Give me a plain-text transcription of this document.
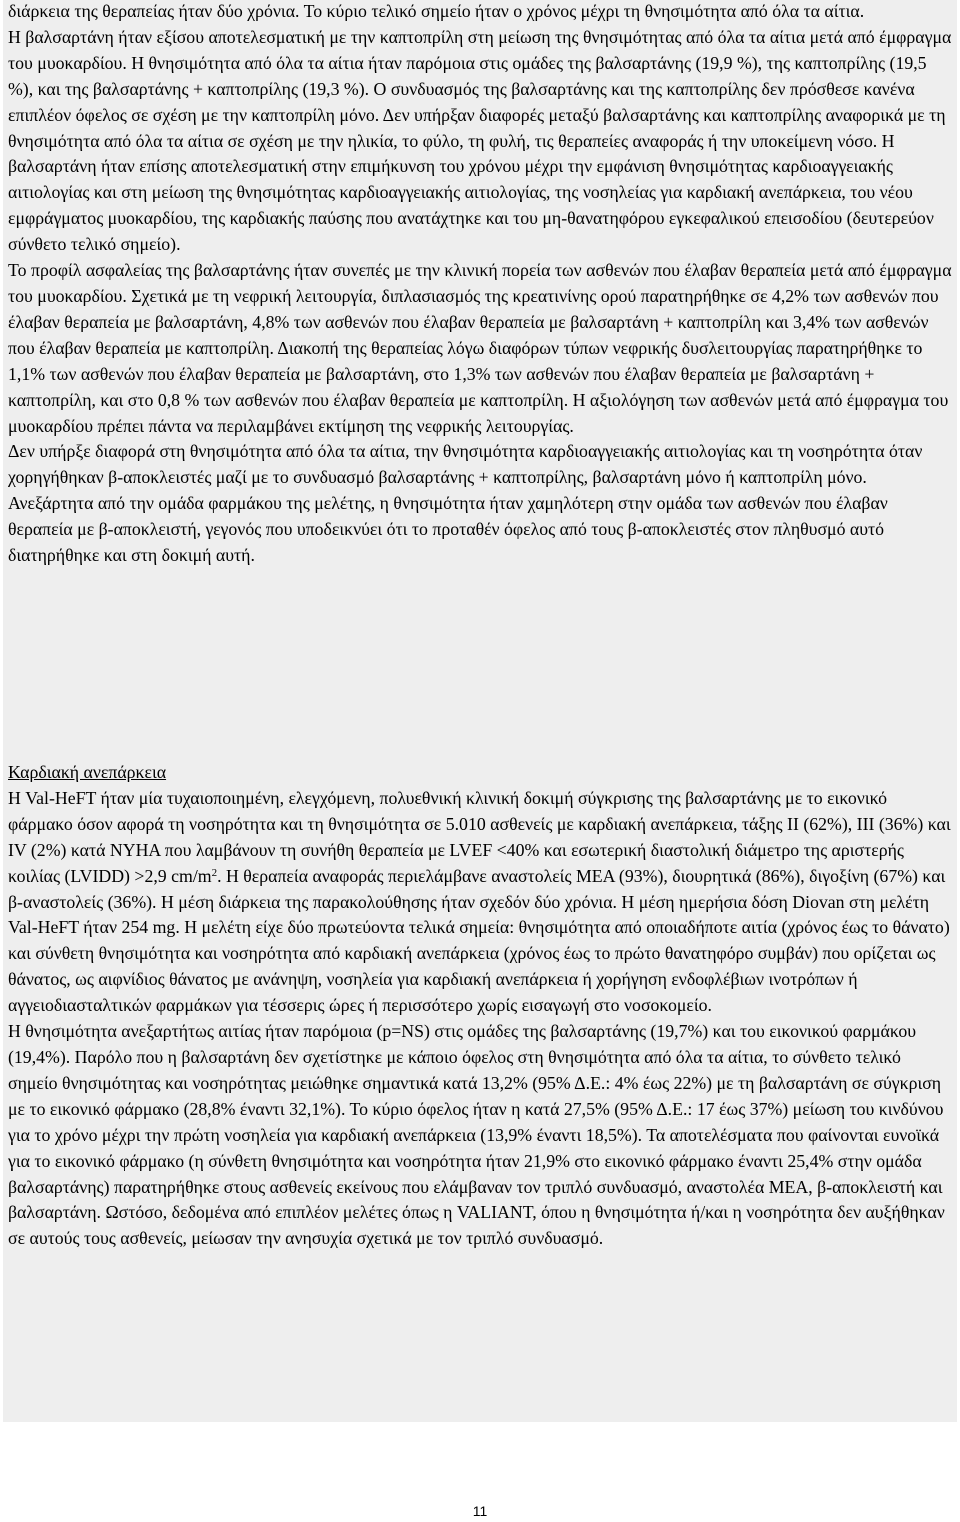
διάρκεια της θεραπείας ήταν δύο χρόνια. Το κύριο τελικό σημείο ήταν ο χρόνος μέχρι τη θνησιμότητα από όλα τα αίτια.

Η βαλσαρτάνη ήταν εξίσου αποτελεσματική με την καπτοπρίλη στη μείωση της θνησιμότητας από όλα τα αίτια μετά από έμφραγμα του μυοκαρδίου. Η θνησιμότητα από όλα τα αίτια ήταν παρόμοια στις ομάδες της βαλσαρτάνης (19,9 %), της καπτοπρίλης (19,5 %), και της βαλσαρτάνης + καπτοπρίλης (19,3 %). Ο συνδυασμός της βαλσαρτάνης και της καπτοπρίλης δεν πρόσθεσε κανένα επιπλέον όφελος σε σχέση με την καπτοπρίλη μόνο. Δεν υπήρξαν διαφορές μεταξύ βαλσαρτάνης και καπτοπρίλης αναφορικά με τη θνησιμότητα από όλα τα αίτια σε σχέση με την ηλικία, το φύλο, τη φυλή, τις θεραπείες αναφοράς ή την υποκείμενη νόσο. Η βαλσαρτάνη ήταν επίσης αποτελεσματική στην επιμήκυνση του χρόνου μέχρι την εμφάνιση θνησιμότητας καρδιοαγγειακής αιτιολογίας και στη μείωση της θνησιμότητας καρδιοαγγειακής αιτιολογίας, της νοσηλείας για καρδιακή ανεπάρκεια, του νέου εμφράγματος μυοκαρδίου, της καρδιακής παύσης που ανατάχτηκε και του μη-θανατηφόρου εγκεφαλικού επεισοδίου (δευτερεύον σύνθετο τελικό σημείο).

Το προφίλ ασφαλείας της βαλσαρτάνης ήταν συνεπές με την κλινική πορεία των ασθενών που έλαβαν θεραπεία μετά από έμφραγμα του μυοκαρδίου. Σχετικά με τη νεφρική λειτουργία, διπλασιασμός της κρεατινίνης ορού παρατηρήθηκε σε 4,2% των ασθενών που έλαβαν θεραπεία με βαλσαρτάνη, 4,8% των ασθενών που έλαβαν θεραπεία με βαλσαρτάνη + καπτοπρίλη και 3,4% των ασθενών που έλαβαν θεραπεία με καπτοπρίλη. Διακοπή της θεραπείας λόγω διαφόρων τύπων νεφρικής δυσλειτουργίας παρατηρήθηκε το 1,1% των ασθενών που έλαβαν θεραπεία με βαλσαρτάνη, στο 1,3% των ασθενών που έλαβαν θεραπεία με βαλσαρτάνη + καπτοπρίλη, και στο 0,8 % των ασθενών που έλαβαν θεραπεία με καπτοπρίλη. Η αξιολόγηση των ασθενών μετά από έμφραγμα του μυοκαρδίου πρέπει πάντα να περιλαμβάνει εκτίμηση της νεφρικής λειτουργίας.

Δεν υπήρξε διαφορά στη θνησιμότητα από όλα τα αίτια, την θνησιμότητα καρδιοαγγειακής αιτιολογίας και τη νοσηρότητα όταν χορηγήθηκαν β-αποκλειστές μαζί με το συνδυασμό βαλσαρτάνης + καπτοπρίλης, βαλσαρτάνη μόνο ή καπτοπρίλη μόνο. Ανεξάρτητα από την ομάδα φαρμάκου της μελέτης, η θνησιμότητα ήταν χαμηλότερη στην ομάδα των ασθενών που έλαβαν θεραπεία με β-αποκλειστή, γεγονός που υποδεικνύει ότι το προταθέν όφελος από τους β-αποκλειστές στον πληθυσμό αυτό διατηρήθηκε και στη δοκιμή αυτή.

Καρδιακή ανεπάρκεια

Η Val-HeFT ήταν μία τυχαιοποιημένη, ελεγχόμενη, πολυεθνική κλινική δοκιμή σύγκρισης της βαλσαρτάνης με το εικονικό φάρμακο όσον αφορά τη νοσηρότητα και τη θνησιμότητα σε 5.010 ασθενείς με καρδιακή ανεπάρκεια, τάξης II (62%), III (36%) και IV (2%) κατά NYHA που λαμβάνουν τη συνήθη θεραπεία με LVEF <40% και εσωτερική διαστολική διάμετρο της αριστερής κοιλίας (LVIDD) >2,9 $cm/m^2$. Η θεραπεία αναφοράς περιελάμβανε αναστολείς ΜΕΑ (93%), διουρητικά (86%), διγοξίνη (67%) και β-αναστολείς (36%). Η μέση διάρκεια της παρακολούθησης ήταν σχεδόν δύο χρόνια. Η μέση ημερήσια δόση Diovan στη μελέτη Val-HeFT ήταν 254 mg. Η μελέτη είχε δύο πρωτεύοντα τελικά σημεία: θνησιμότητα από οποιαδήποτε αιτία (χρόνος έως το θάνατο) και σύνθετη θνησιμότητα και νοσηρότητα από καρδιακή ανεπάρκεια (χρόνος έως το πρώτο θανατηφόρο συμβάν) που ορίζεται ως θάνατος, ως αιφνίδιος θάνατος με ανάνηψη, νοσηλεία για καρδιακή ανεπάρκεια ή χορήγηση ενδοφλέβιων ινοτρόπων ή αγγειοδιασταλτικών φαρμάκων για τέσσερις ώρες ή περισσότερο χωρίς εισαγωγή στο νοσοκομείο.

Η θνησιμότητα ανεξαρτήτως αιτίας ήταν παρόμοια (p=NS) στις ομάδες της βαλσαρτάνης (19,7%) και του εικονικού φαρμάκου (19,4%). Παρόλο που η βαλσαρτάνη δεν σχετίστηκε με κάποιο όφελος στη θνησιμότητα από όλα τα αίτια, το σύνθετο τελικό σημείο θνησιμότητας και νοσηρότητας μειώθηκε σημαντικά κατά 13,2% (95% Δ.Ε.: 4% έως 22%) με τη βαλσαρτάνη σε σύγκριση με το εικονικό φάρμακο (28,8% έναντι 32,1%). Το κύριο όφελος ήταν η κατά 27,5% (95% Δ.Ε.: 17 έως 37%) μείωση του κινδύνου για το χρόνο μέχρι την πρώτη νοσηλεία για καρδιακή ανεπάρκεια (13,9% έναντι 18,5%). Τα αποτελέσματα που φαίνονται ευνοϊκά για το εικονικό φάρμακο (η σύνθετη θνησιμότητα και νοσηρότητα ήταν 21,9% στο εικονικό φάρμακο έναντι 25,4% στην ομάδα βαλσαρτάνης) παρατηρήθηκε στους ασθενείς εκείνους που ελάμβαναν τον τριπλό συνδυασμό, αναστολέα ΜΕΑ, β-αποκλειστή και βαλσαρτάνη. Ωστόσο, δεδομένα από επιπλέον μελέτες όπως η VALIANT, όπου η θνησιμότητα ή/και η νοσηρότητα δεν αυξήθηκαν σε αυτούς τους ασθενείς, μείωσαν την ανησυχία σχετικά με τον τριπλό συνδυασμό.

11
